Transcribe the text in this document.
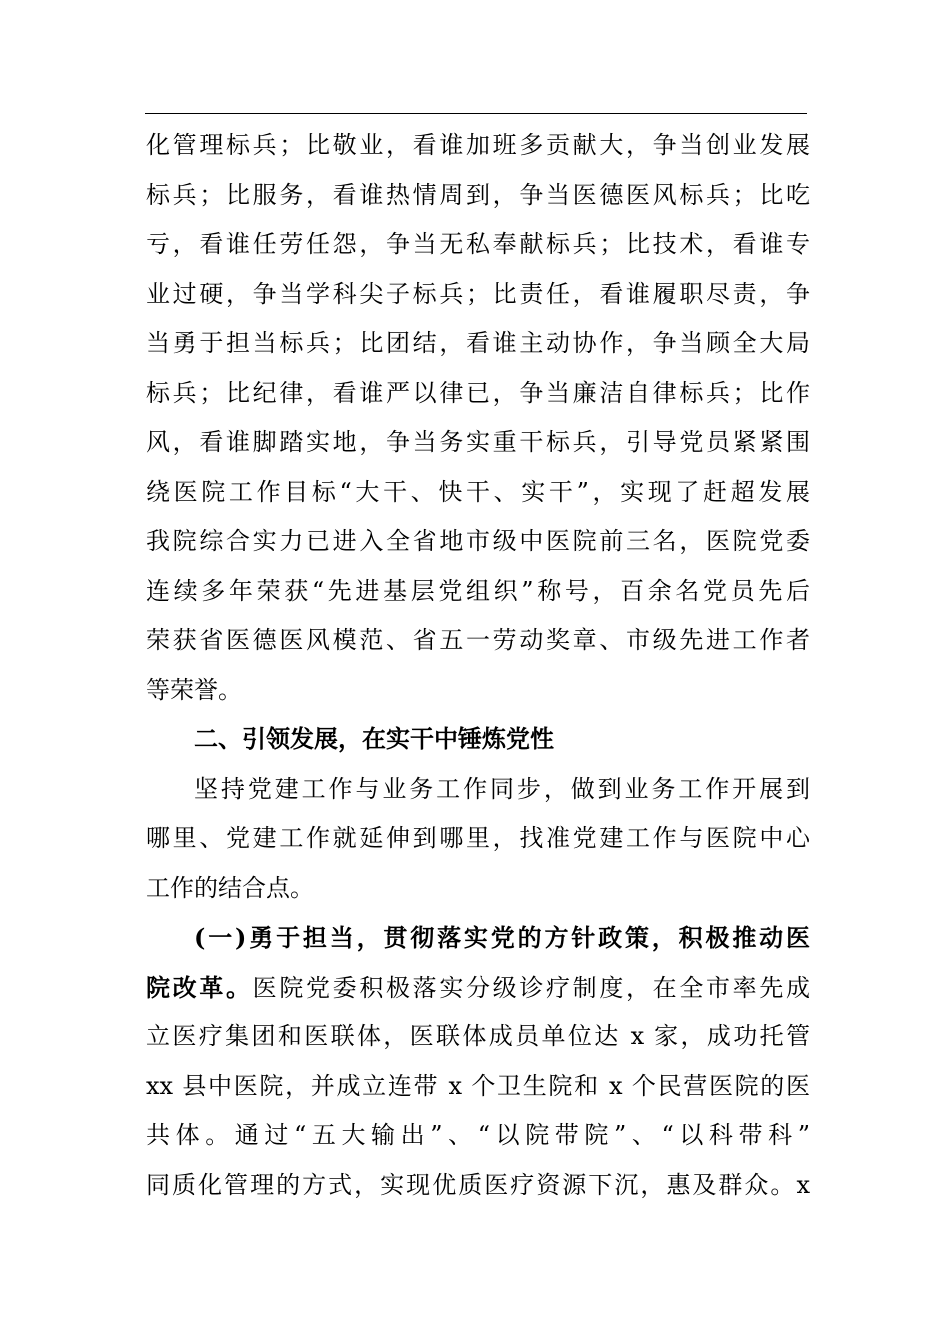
化管理标兵；比敬业，看谁加班多贡献大，争当创业发展
标兵；比服务，看谁热情周到，争当医德医风标兵；比吃
亏，看谁任劳任怨，争当无私奉献标兵；比技术，看谁专
业过硬，争当学科尖子标兵；比责任，看谁履职尽责，争
当勇于担当标兵；比团结，看谁主动协作，争当顾全大局
标兵；比纪律，看谁严以律已，争当廉洁自律标兵；比作
风，看谁脚踏实地，争当务实重干标兵，引导党员紧紧围
绕医院工作目标“大干、快干、实干”，实现了赶超发展
我院综合实力已进入全省地市级中医院前三名，医院党委
连续多年荣获“先进基层党组织”称号，百余名党员先后
荣获省医德医风模范、省五一劳动奖章、市级先进工作者
等荣誉。
二、引领发展，在实干中锤炼党性
坚持党建工作与业务工作同步，做到业务工作开展到
哪里、党建工作就延伸到哪里，找准党建工作与医院中心
工作的结合点。
(一)勇于担当，贯彻落实党的方针政策，积极推动医
院改革。医院党委积极落实分级诊疗制度，在全市率先成
立医疗集团和医联体，医联体成员单位达 x 家，成功托管
xx 县中医院，并成立连带 x 个卫生院和 x 个民营医院的医
共体。通过“五大输出”、“以院带院”、“以科带科”
同质化管理的方式，实现优质医疗资源下沉，惠及群众。x
